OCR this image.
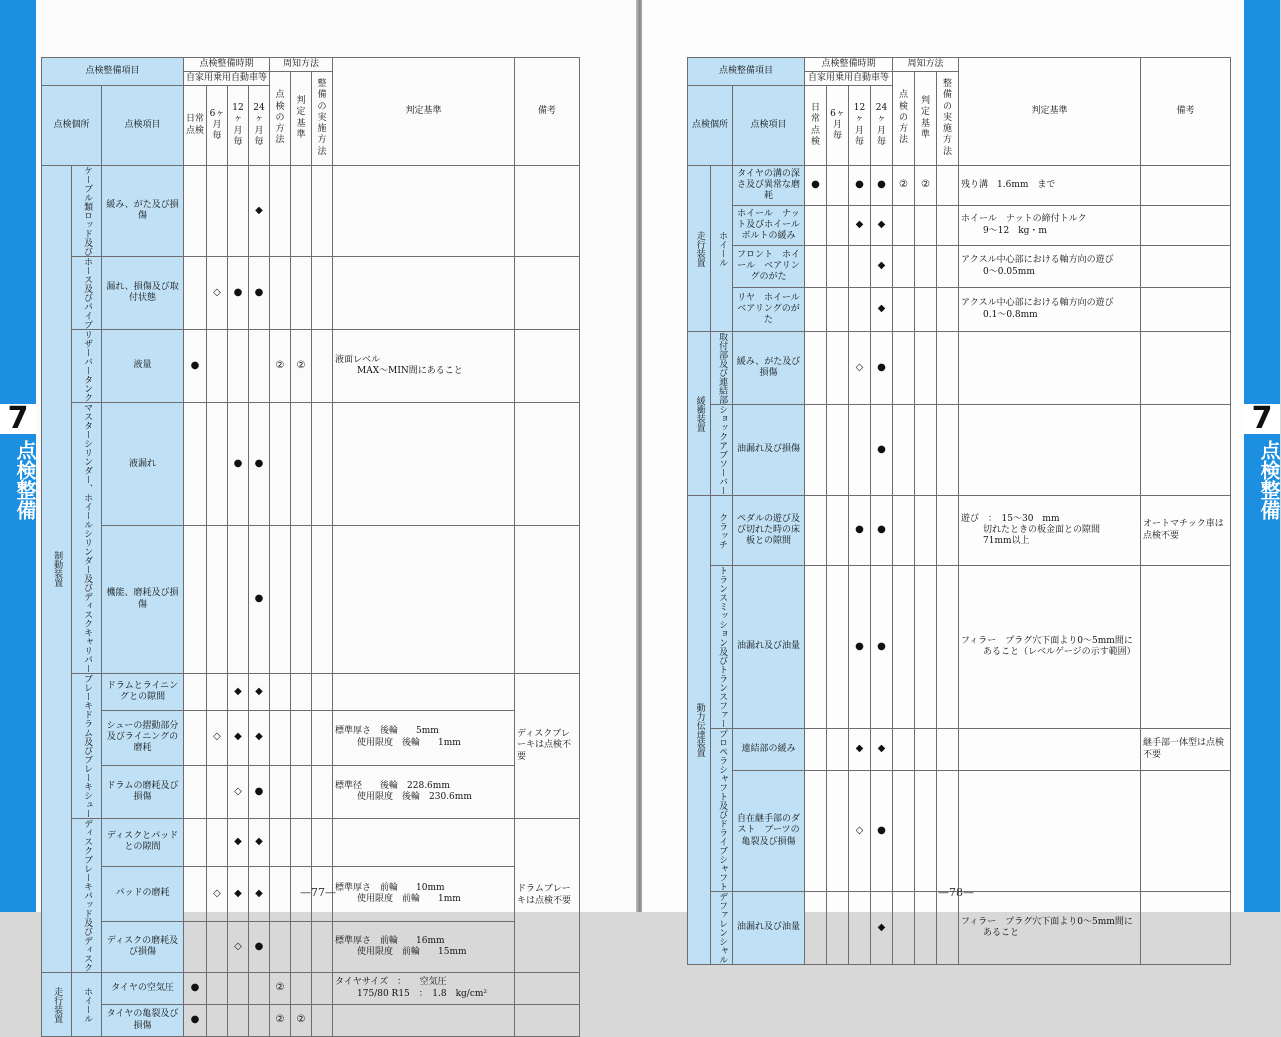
7
点検整備
点検整備項目			点検整備時期				周知方法			判定基準	備考
			自家用乗用自動車等				点検の方法	判定基準	整備の実施方法		
点検個所		点検項目	日常点検	6ヶ月毎	12ヶ月毎	24ヶ月毎					
制動装置	ケーブル類ロッド及び	緩み、がた及び損傷				◆					
	ホース及びパイプ	漏れ、損傷及び取付状態		◇	●	●					
	リザーバータンク	液量	●				②	②		液面レベル
MAX～MIN間にあること	

	マスターシリンダー、ホイールシリンダー及びディスクキャリパー	液漏れ			●	●					
		機能、磨耗及び損傷				●					
	ブレーキドラム及びブレーキシュー	ドラムとライニングとの隙間			◆	◆					ディスクブレーキは点検不要
		シューの摺動部分及びライニングの磨耗		◇	◆	◆				標準厚さ　後輪　　5mm
使用限度　後輪　　1mm	

		ドラムの磨耗及び損傷			◇	●				標準径　　後輪　228.6mm
使用限度　後輪　230.6mm	

	ディスクブレーキパッド及びディスク	ディスクとパッドとの隙間			◆	◆					ドラムブレーキは点検不要
		パッドの磨耗		◇	◆	◆				標準厚さ　前輪　　10mm
使用限度　前輪　　1mm	

		ディスクの磨耗及び損傷			◇	●				標準厚さ　前輪　　16mm
使用限度　前輪　　15mm	

走行装置	ホイール	タイヤの空気圧	●				②			タイヤサイズ　：　　空気圧
175/80 R15　：　1.8　kg/cm²	

		タイヤの亀裂及び損傷	●				②	②			
—77—
点検整備項目			点検整備時期				周知方法			判定基準	備考
			自家用乗用自動車等				点検の方法	判定基準	整備の実施方法		
点検個所		点検項目	日常点検	6ヶ月毎	12ヶ月毎	24ヶ月毎					
走行装置	ホイール	タイヤの溝の深さ及び異常な磨耗	●		●	●	②	②		残り溝　1.6mm　まで	

		ホイール　ナット及びホイールボルトの緩み			◆	◆				ホイール　ナットの締付トルク
9～12　kg・m	

		フロント　ホイール　ベアリングのがた				◆				アクスル中心部における軸方向の遊び
0～0.05mm	

		リヤ　ホイール　ベアリングのがた				◆				アクスル中心部における軸方向の遊び
0.1～0.8mm	

緩衝装置	取付部及び連結部	緩み、がた及び損傷			◇	●					
	ショックアブソーバー	油漏れ及び損傷				●					
動力伝達装置	クラッチ	ペダルの遊び及び切れた時の床板との隙間			●	●				遊び　：　15～30　mm
切れたときの板金面との隙間
71mm以上	オートマチック車は点検不要
	トランスミッション及びトランスファー	油漏れ及び油量			●	●				フィラー　プラグ穴下面より0～5mm間に
あること（レベルゲージの示す範囲）	

	プロペラシャフト及びドライブシャフト	連結部の緩み			◆	◆					継手部一体型は点検不要
		自在継手部のダスト　ブーツの亀裂及び損傷			◇	●					
	デファレンシャル	油漏れ及び油量				◆				フィラー　プラグ穴下面より0～5mm間に
あること	

—78—
7
点検整備
